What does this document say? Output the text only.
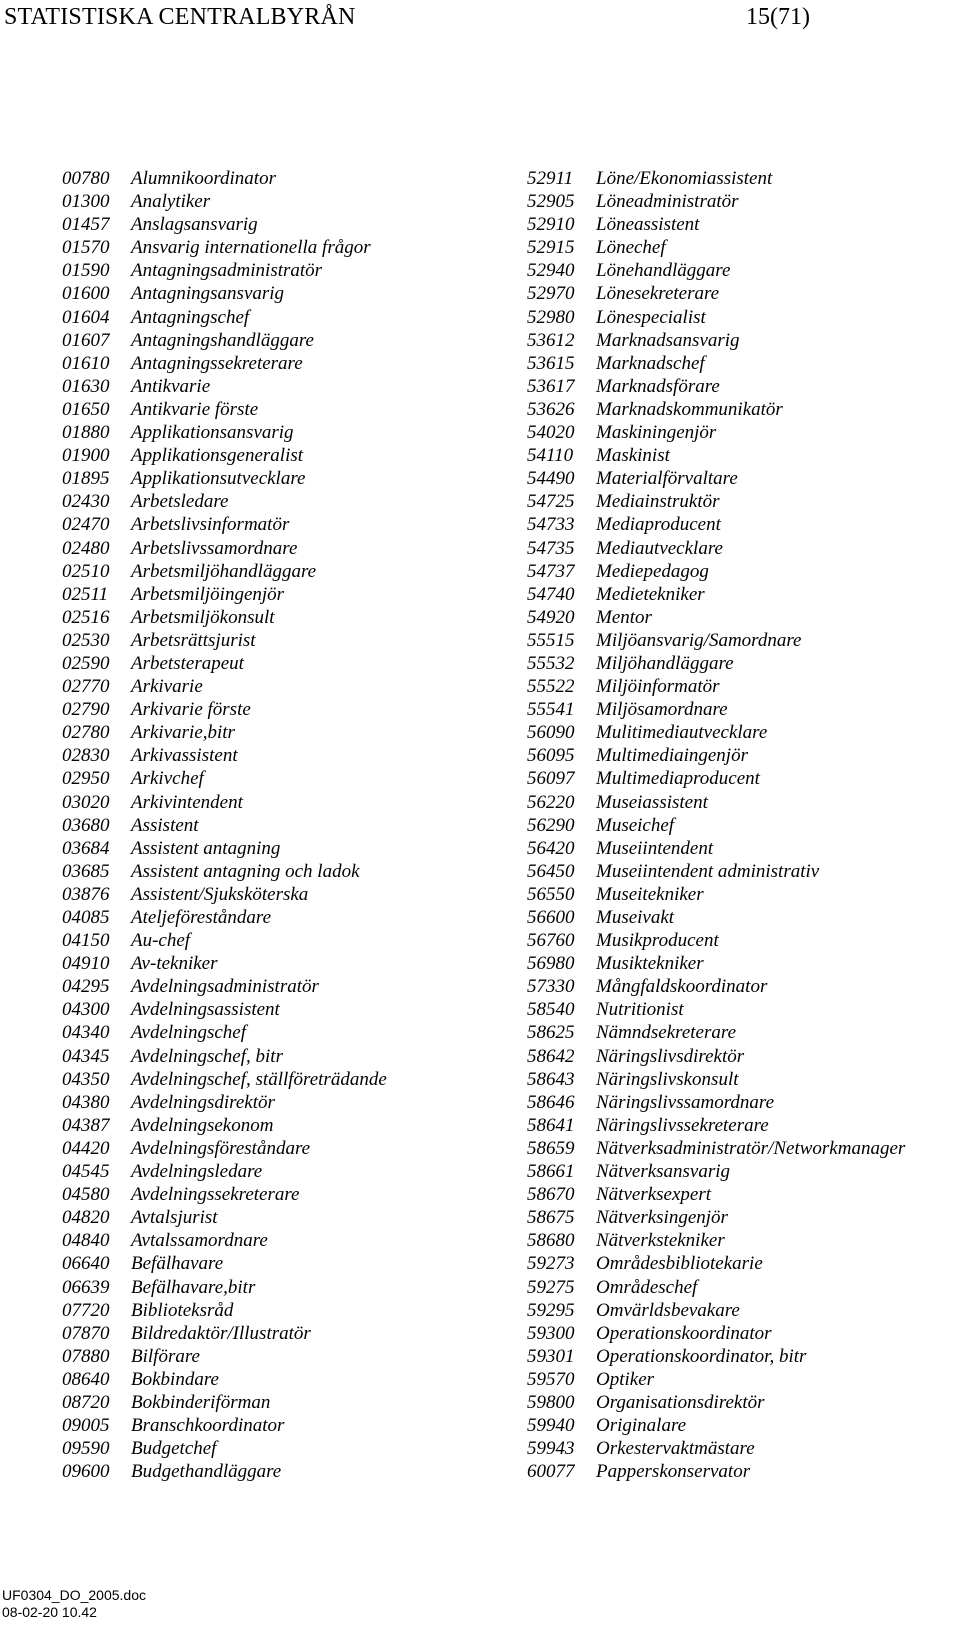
STATISTISKA CENTRALBYRÅN	15(71)
00780	Alumnikoordinator
01300	Analytiker
01457	Anslagsansvarig
01570	Ansvarig internationella frågor
01590	Antagningsadministratör
01600	Antagningsansvarig
01604	Antagningschef
01607	Antagningshandläggare
01610	Antagningssekreterare
01630	Antikvarie
01650	Antikvarie förste
01880	Applikationsansvarig
01900	Applikationsgeneralist
01895	Applikationsutvecklare
02430	Arbetsledare
02470	Arbetslivsinformatör
02480	Arbetslivssamordnare
02510	Arbetsmiljöhandläggare
02511	Arbetsmiljöingenjör
02516	Arbetsmiljökonsult
02530	Arbetsrättsjurist
02590	Arbetsterapeut
02770	Arkivarie
02790	Arkivarie förste
02780	Arkivarie,bitr
02830	Arkivassistent
02950	Arkivchef
03020	Arkivintendent
03680	Assistent
03684	Assistent antagning
03685	Assistent antagning och ladok
03876	Assistent/Sjuksköterska
04085	Ateljeföreståndare
04150	Au-chef
04910	Av-tekniker
04295	Avdelningsadministratör
04300	Avdelningsassistent
04340	Avdelningschef
04345	Avdelningschef, bitr
04350	Avdelningschef, ställföreträdande
04380	Avdelningsdirektör
04387	Avdelningsekonom
04420	Avdelningsföreståndare
04545	Avdelningsledare
04580	Avdelningssekreterare
04820	Avtalsjurist
04840	Avtalssamordnare
06640	Befälhavare
06639	Befälhavare,bitr
07720	Biblioteksråd
07870	Bildredaktör/Illustratör
07880	Bilförare
08640	Bokbindare
08720	Bokbinderiförman
09005	Branschkoordinator
09590	Budgetchef
09600	Budgethandläggare
52911	Löne/Ekonomiassistent
52905	Löneadministratör
52910	Löneassistent
52915	Lönechef
52940	Lönehandläggare
52970	Lönesekreterare
52980	Lönespecialist
53612	Marknadsansvarig
53615	Marknadschef
53617	Marknadsförare
53626	Marknadskommunikatör
54020	Maskiningenjör
54110	Maskinist
54490	Materialförvaltare
54725	Mediainstruktör
54733	Mediaproducent
54735	Mediautvecklare
54737	Mediepedagog
54740	Medietekniker
54920	Mentor
55515	Miljöansvarig/Samordnare
55532	Miljöhandläggare
55522	Miljöinformatör
55541	Miljösamordnare
56090	Mulitimediautvecklare
56095	Multimediaingenjör
56097	Multimediaproducent
56220	Museiassistent
56290	Museichef
56420	Museiintendent
56450	Museiintendent administrativ
56550	Museitekniker
56600	Museivakt
56760	Musikproducent
56980	Musiktekniker
57330	Mångfaldskoordinator
58540	Nutritionist
58625	Nämndsekreterare
58642	Näringslivsdirektör
58643	Näringslivskonsult
58646	Näringslivssamordnare
58641	Näringslivssekreterare
58659	Nätverksadministratör/Networkmanager
58661	Nätverksansvarig
58670	Nätverksexpert
58675	Nätverksingenjör
58680	Nätverkstekniker
59273	Områdesbibliotekarie
59275	Områdeschef
59295	Omvärldsbevakare
59300	Operationskoordinator
59301	Operationskoordinator, bitr
59570	Optiker
59800	Organisationsdirektör
59940	Originalare
59943	Orkestervaktmästare
60077	Papperskonservator
UF0304_DO_2005.doc
08-02-20 10.42
